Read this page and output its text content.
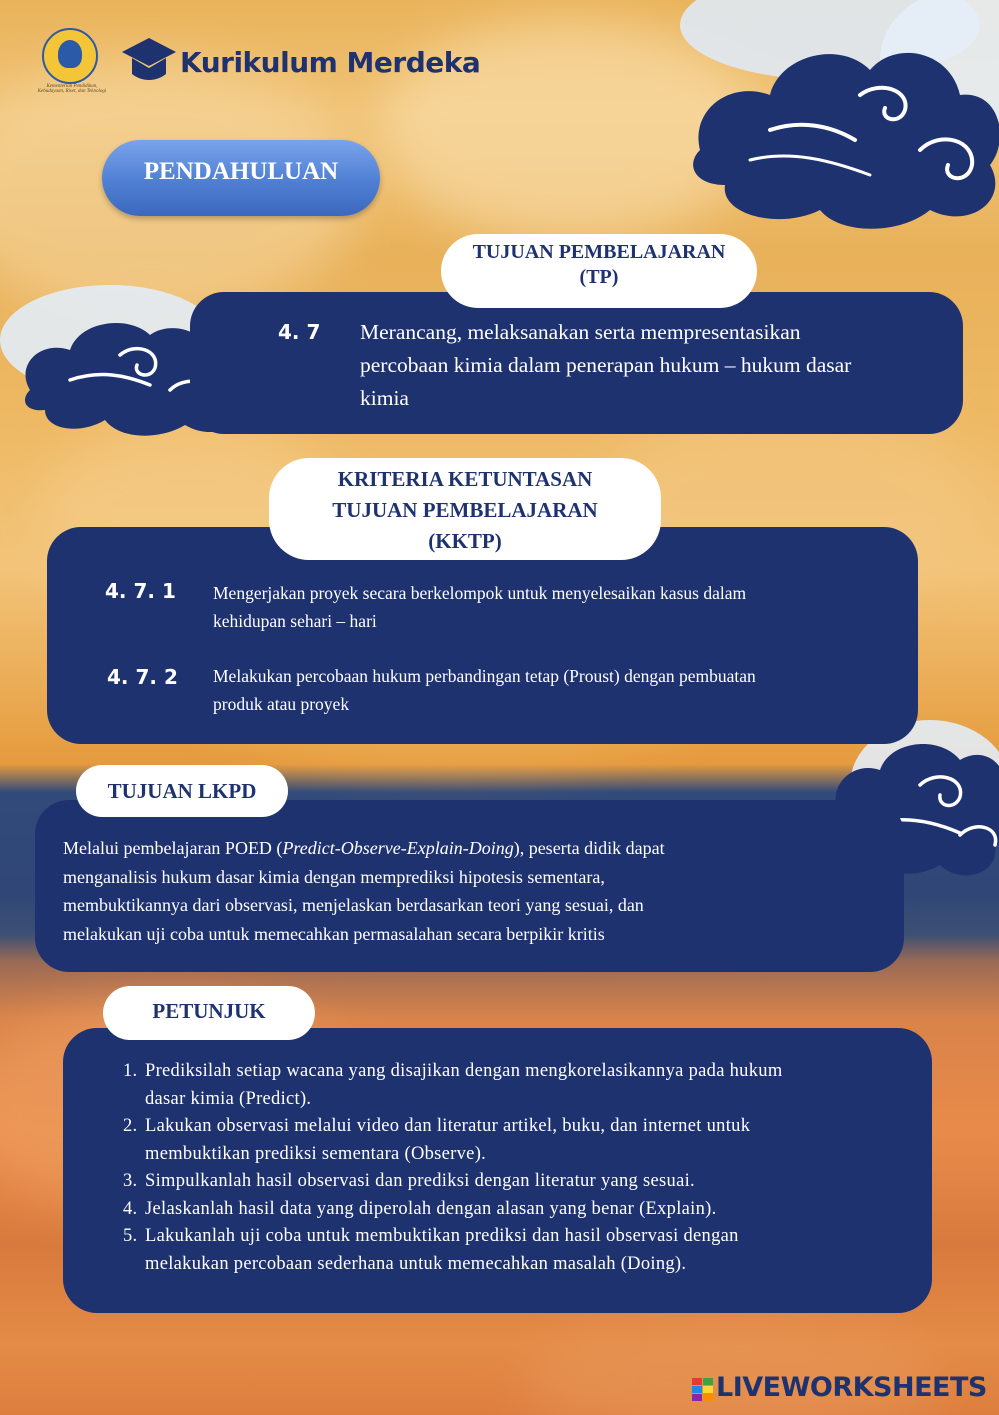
Kementerian Pendidikan, Kebudayaan, Riset, dan Teknologi
Kurikulum Merdeka
PENDAHULUAN
4. 7 Merancang, melaksanakan serta mempresentasikan
percobaan kimia dalam penerapan hukum – hukum dasar
kimia
TUJUAN PEMBELAJARAN
(TP)
4. 7. 1 Mengerjakan proyek secara berkelompok untuk menyelesaikan kasus dalam
kehidupan sehari – hari
4. 7. 2 Melakukan percobaan hukum perbandingan tetap (Proust) dengan pembuatan
produk atau proyek
KRITERIA KETUNTASAN
TUJUAN PEMBELAJARAN
(KKTP)
Melalui pembelajaran POED (Predict-Observe-Explain-Doing), peserta didik dapat
menganalisis hukum dasar kimia dengan memprediksi hipotesis sementara,
membuktikannya dari observasi, menjelaskan berdasarkan teori yang sesuai, dan
melakukan uji coba untuk memecahkan permasalahan secara berpikir kritis
TUJUAN LKPD
1. Prediksilah setiap wacana yang disajikan dengan mengkorelasikannya pada hukum
dasar kimia (Predict).
2. Lakukan observasi melalui video dan literatur artikel, buku, dan internet untuk
membuktikan prediksi sementara (Observe).
3. Simpulkanlah hasil observasi dan prediksi dengan literatur yang sesuai.
4. Jelaskanlah hasil data yang diperolah dengan alasan yang benar (Explain).
5. Lakukanlah uji coba untuk membuktikan prediksi dan hasil observasi dengan
melakukan percobaan sederhana untuk memecahkan masalah (Doing).
PETUNJUK
LIVEWORKSHEETS
